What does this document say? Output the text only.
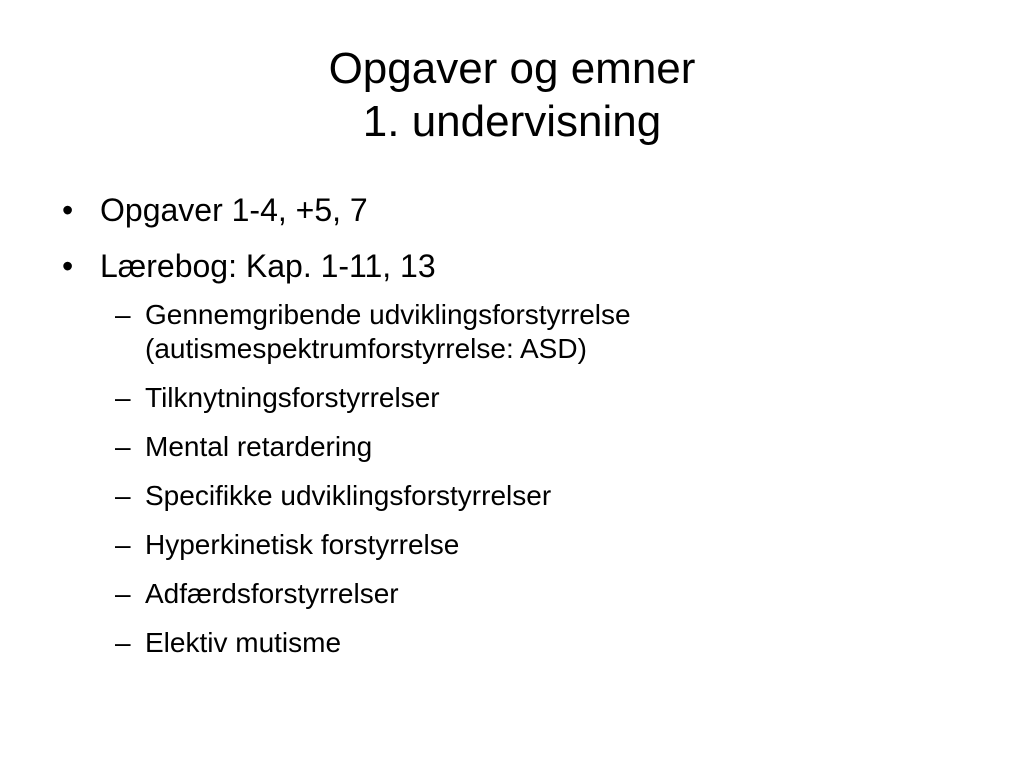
Opgaver og emner
1. undervisning
• Opgaver 1-4, +5, 7
• Lærebog: Kap. 1-11, 13
– Gennemgribende udviklingsforstyrrelse
(autismespektrumforstyrrelse: ASD)
– Tilknytningsforstyrrelser
– Mental retardering
– Specifikke udviklingsforstyrrelser
– Hyperkinetisk forstyrrelse
– Adfærdsforstyrrelser
– Elektiv mutisme
